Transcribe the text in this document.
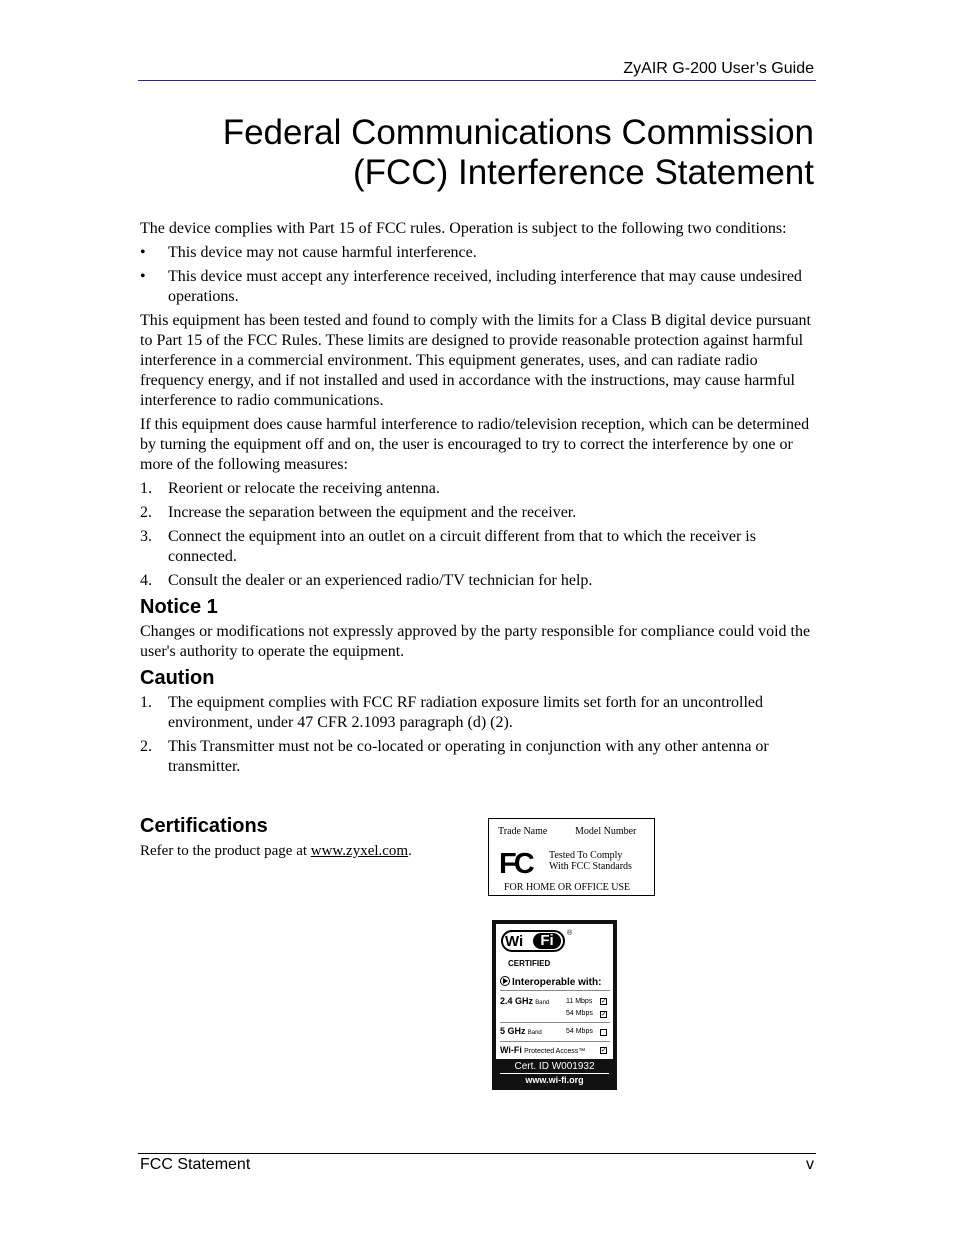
ZyAIR G-200 User’s Guide
Federal Communications Commission
(FCC) Interference Statement

The device complies with Part 15 of FCC rules. Operation is subject to the following two conditions:

• This device may not cause harmful interference.
• This device must accept any interference received, including interference that may cause undesired operations.

This equipment has been tested and found to comply with the limits for a Class B digital device pursuant to Part 15 of the FCC Rules. These limits are designed to provide reasonable protection against harmful interference in a commercial environment. This equipment generates, uses, and can radiate radio frequency energy, and if not installed and used in accordance with the instructions, may cause harmful interference to radio communications.

If this equipment does cause harmful interference to radio/television reception, which can be determined by turning the equipment off and on, the user is encouraged to try to correct the interference by one or more of the following measures:

1. Reorient or relocate the receiving antenna.
2. Increase the separation between the equipment and the receiver.
3. Connect the equipment into an outlet on a circuit different from that to which the receiver is connected.
4. Consult the dealer or an experienced radio/TV technician for help.
Notice 1

Changes or modifications not expressly approved by the party responsible for compliance could void the user's authority to operate the equipment.

Caution
1. The equipment complies with FCC RF radiation exposure limits set forth for an uncontrolled environment, under 47 CFR 2.1093 paragraph (d) (2).
2. This Transmitter must not be co-located or operating in conjunction with any other antenna or transmitter.
Certifications
Refer to the product page at www.zyxel.com.
Trade Name	Model Number
FC	Tested To Comply
With FCC Standards
FOR HOME OR OFFICE USE
Wi	Fi	®
CERTIFIED
Interoperable with:
2.4 GHz Band	11 Mbps ✓
54 Mbps ✓
5 GHz Band	54 Mbps
Wi-Fi Protected Access™	✓
Cert. ID W001932
www.wi-fi.org
FCC Statement	v
